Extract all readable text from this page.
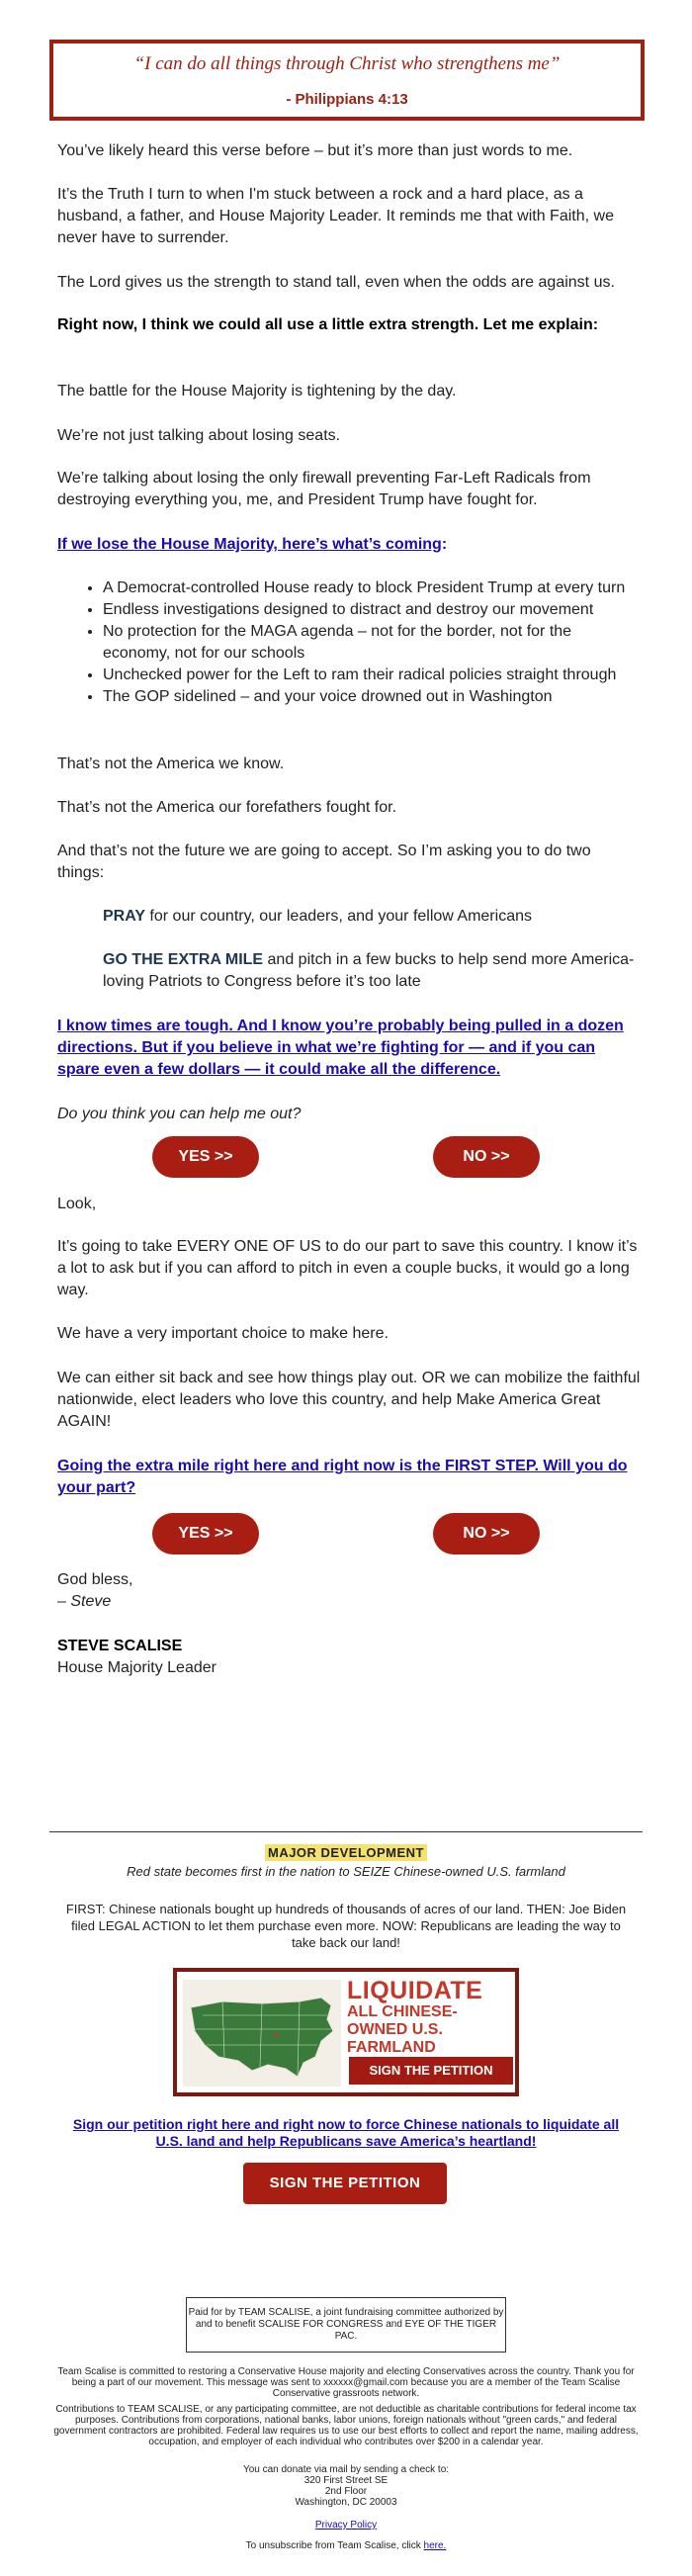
“I can do all things through Christ who strengthens me”
- Philippians 4:13
You’ve likely heard this verse before – but it’s more than just words to me.
It’s the Truth I turn to when I'm stuck between a rock and a hard place, as a husband, a father, and House Majority Leader. It reminds me that with Faith, we never have to surrender.
The Lord gives us the strength to stand tall, even when the odds are against us.
Right now, I think we could all use a little extra strength. Let me explain:
The battle for the House Majority is tightening by the day.
We’re not just talking about losing seats.
We’re talking about losing the only firewall preventing Far-Left Radicals from destroying everything you, me, and President Trump have fought for.
If we lose the House Majority, here’s what’s coming:
• A Democrat-controlled House ready to block President Trump at every turn
• Endless investigations designed to distract and destroy our movement
• No protection for the MAGA agenda – not for the border, not for the economy, not for our schools
• Unchecked power for the Left to ram their radical policies straight through
• The GOP sidelined – and your voice drowned out in Washington
That’s not the America we know.
That’s not the America our forefathers fought for.
And that’s not the future we are going to accept. So I’m asking you to do two things:
PRAY for our country, our leaders, and your fellow Americans
GO THE EXTRA MILE and pitch in a few bucks to help send more America-loving Patriots to Congress before it’s too late
I know times are tough. And I know you’re probably being pulled in a dozen directions. But if you believe in what we’re fighting for — and if you can spare even a few dollars — it could make all the difference.
Do you think you can help me out?
YES >>	NO >>
Look,
It’s going to take EVERY ONE OF US to do our part to save this country. I know it’s a lot to ask but if you can afford to pitch in even a couple bucks, it would go a long way.
We have a very important choice to make here.
We can either sit back and see how things play out. OR we can mobilize the faithful nationwide, elect leaders who love this country, and help Make America Great AGAIN!
Going the extra mile right here and right now is the FIRST STEP. Will you do your part?
YES >>	NO >>
God bless,
– Steve
STEVE SCALISE
House Majority Leader
MAJOR DEVELOPMENT
Red state becomes first in the nation to SEIZE Chinese-owned U.S. farmland
FIRST: Chinese nationals bought up hundreds of thousands of acres of our land. THEN: Joe Biden filed LEGAL ACTION to let them purchase even more. NOW: Republicans are leading the way to take back our land!
LIQUIDATE
ALL CHINESE-OWNED U.S. FARMLAND
SIGN THE PETITION
Sign our petition right here and right now to force Chinese nationals to liquidate all U.S. land and help Republicans save America’s heartland!
SIGN THE PETITION
Paid for by TEAM SCALISE, a joint fundraising committee authorized by and to benefit SCALISE FOR CONGRESS and EYE OF THE TIGER PAC.
Team Scalise is committed to restoring a Conservative House majority and electing Conservatives across the country. Thank you for being a part of our movement. This message was sent to xxxxxx@gmail.com because you are a member of the Team Scalise Conservative grassroots network.
Contributions to TEAM SCALISE, or any participating committee, are not deductible as charitable contributions for federal income tax purposes. Contributions from corporations, national banks, labor unions, foreign nationals without "green cards," and federal government contractors are prohibited. Federal law requires us to use our best efforts to collect and report the name, mailing address, occupation, and employer of each individual who contributes over $200 in a calendar year.
You can donate via mail by sending a check to:
320 First Street SE
2nd Floor
Washington, DC 20003
Privacy Policy
To unsubscribe from Team Scalise, click here.
